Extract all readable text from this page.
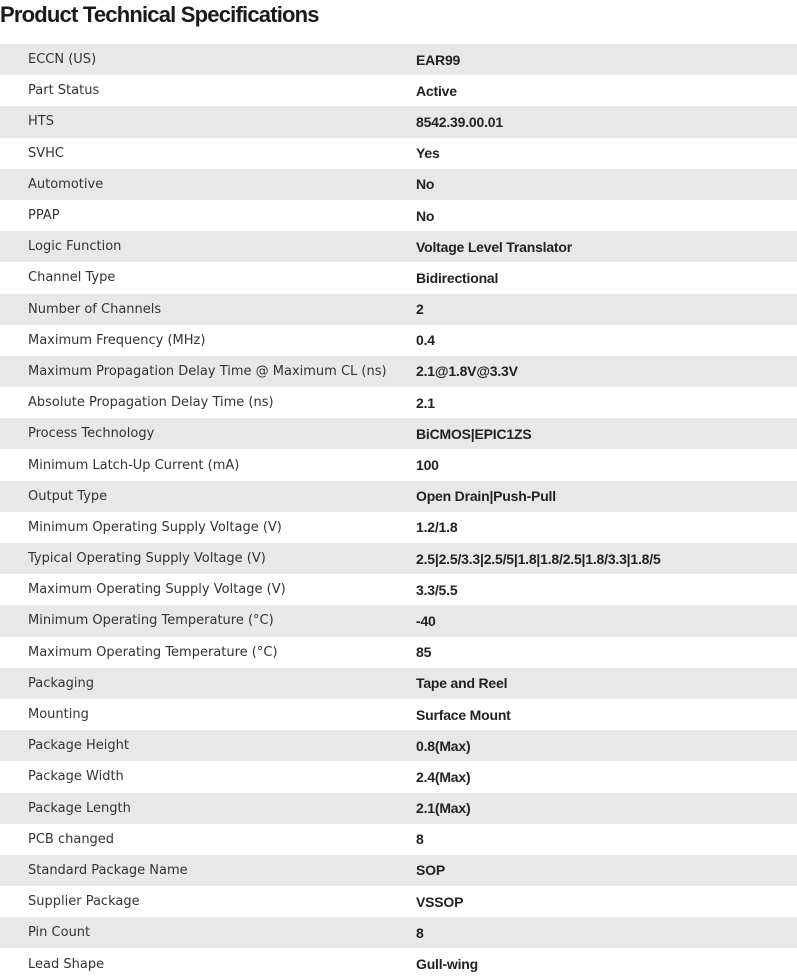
Product Technical Specifications
ECCN (US)	EAR99
Part Status	Active
HTS	8542.39.00.01
SVHC	Yes
Automotive	No
PPAP	No
Logic Function	Voltage Level Translator
Channel Type	Bidirectional
Number of Channels	2
Maximum Frequency (MHz)	0.4
Maximum Propagation Delay Time @ Maximum CL (ns)	2.1@1.8V@3.3V
Absolute Propagation Delay Time (ns)	2.1
Process Technology	BiCMOS|EPIC1ZS
Minimum Latch-Up Current (mA)	100
Output Type	Open Drain|Push-Pull
Minimum Operating Supply Voltage (V)	1.2/1.8
Typical Operating Supply Voltage (V)	2.5|2.5/3.3|2.5/5|1.8|1.8/2.5|1.8/3.3|1.8/5
Maximum Operating Supply Voltage (V)	3.3/5.5
Minimum Operating Temperature (°C)	-40
Maximum Operating Temperature (°C)	85
Packaging	Tape and Reel
Mounting	Surface Mount
Package Height	0.8(Max)
Package Width	2.4(Max)
Package Length	2.1(Max)
PCB changed	8
Standard Package Name	SOP
Supplier Package	VSSOP
Pin Count	8
Lead Shape	Gull-wing
